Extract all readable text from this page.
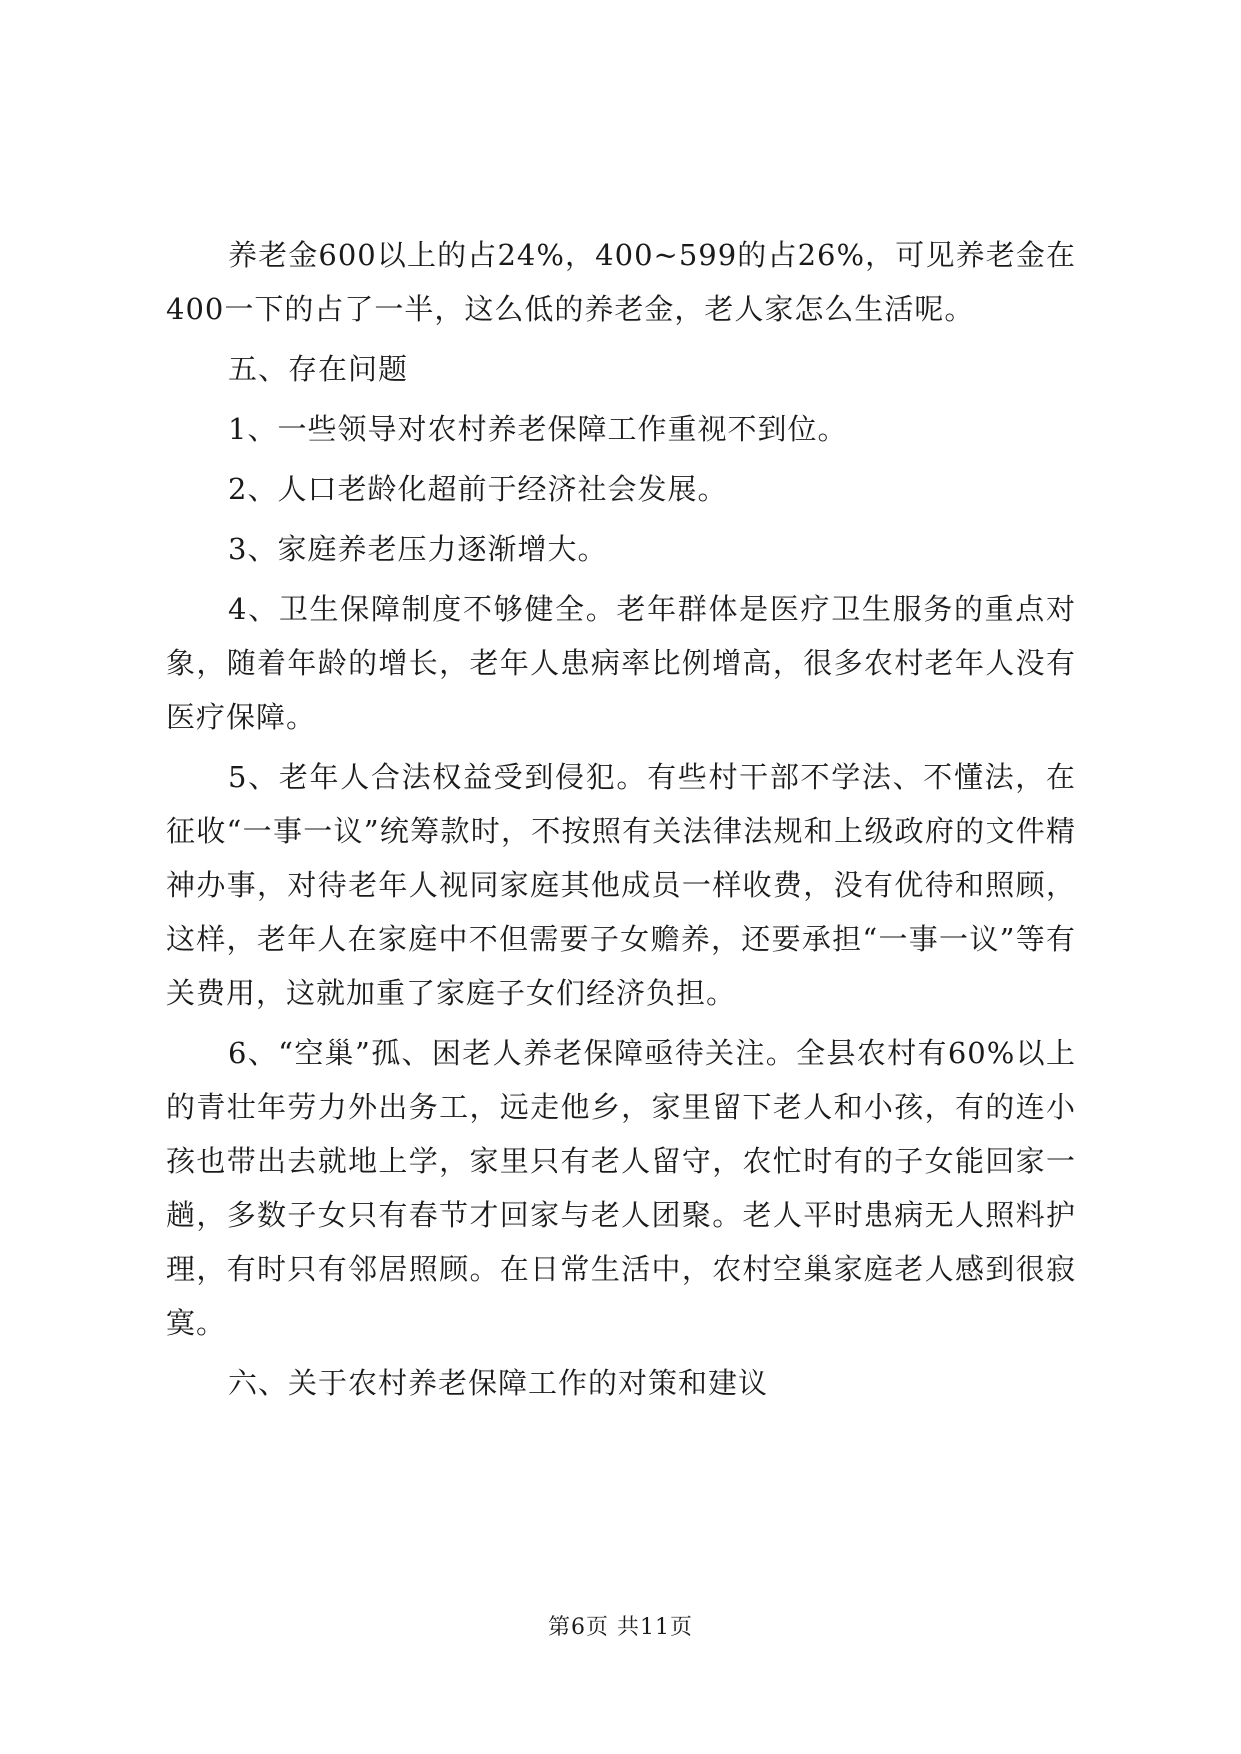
养老金600以上的占24%，400~599的占26%，可见养老金在400一下的占了一半，这么低的养老金，老人家怎么生活呢。

五、存在问题

1、一些领导对农村养老保障工作重视不到位。

2、人口老龄化超前于经济社会发展。

3、家庭养老压力逐渐增大。

4、卫生保障制度不够健全。老年群体是医疗卫生服务的重点对象，随着年龄的增长，老年人患病率比例增高，很多农村老年人没有医疗保障。

5、老年人合法权益受到侵犯。有些村干部不学法、不懂法，在征收“一事一议”统筹款时，不按照有关法律法规和上级政府的文件精神办事，对待老年人视同家庭其他成员一样收费，没有优待和照顾，这样，老年人在家庭中不但需要子女赡养，还要承担“一事一议”等有关费用，这就加重了家庭子女们经济负担。

6、“空巢”孤、困老人养老保障亟待关注。全县农村有60%以上的青壮年劳力外出务工，远走他乡，家里留下老人和小孩，有的连小孩也带出去就地上学，家里只有老人留守，农忙时有的子女能回家一趟，多数子女只有春节才回家与老人团聚。老人平时患病无人照料护理，有时只有邻居照顾。在日常生活中，农村空巢家庭老人感到很寂寞。

六、关于农村养老保障工作的对策和建议

第6页 共11页
